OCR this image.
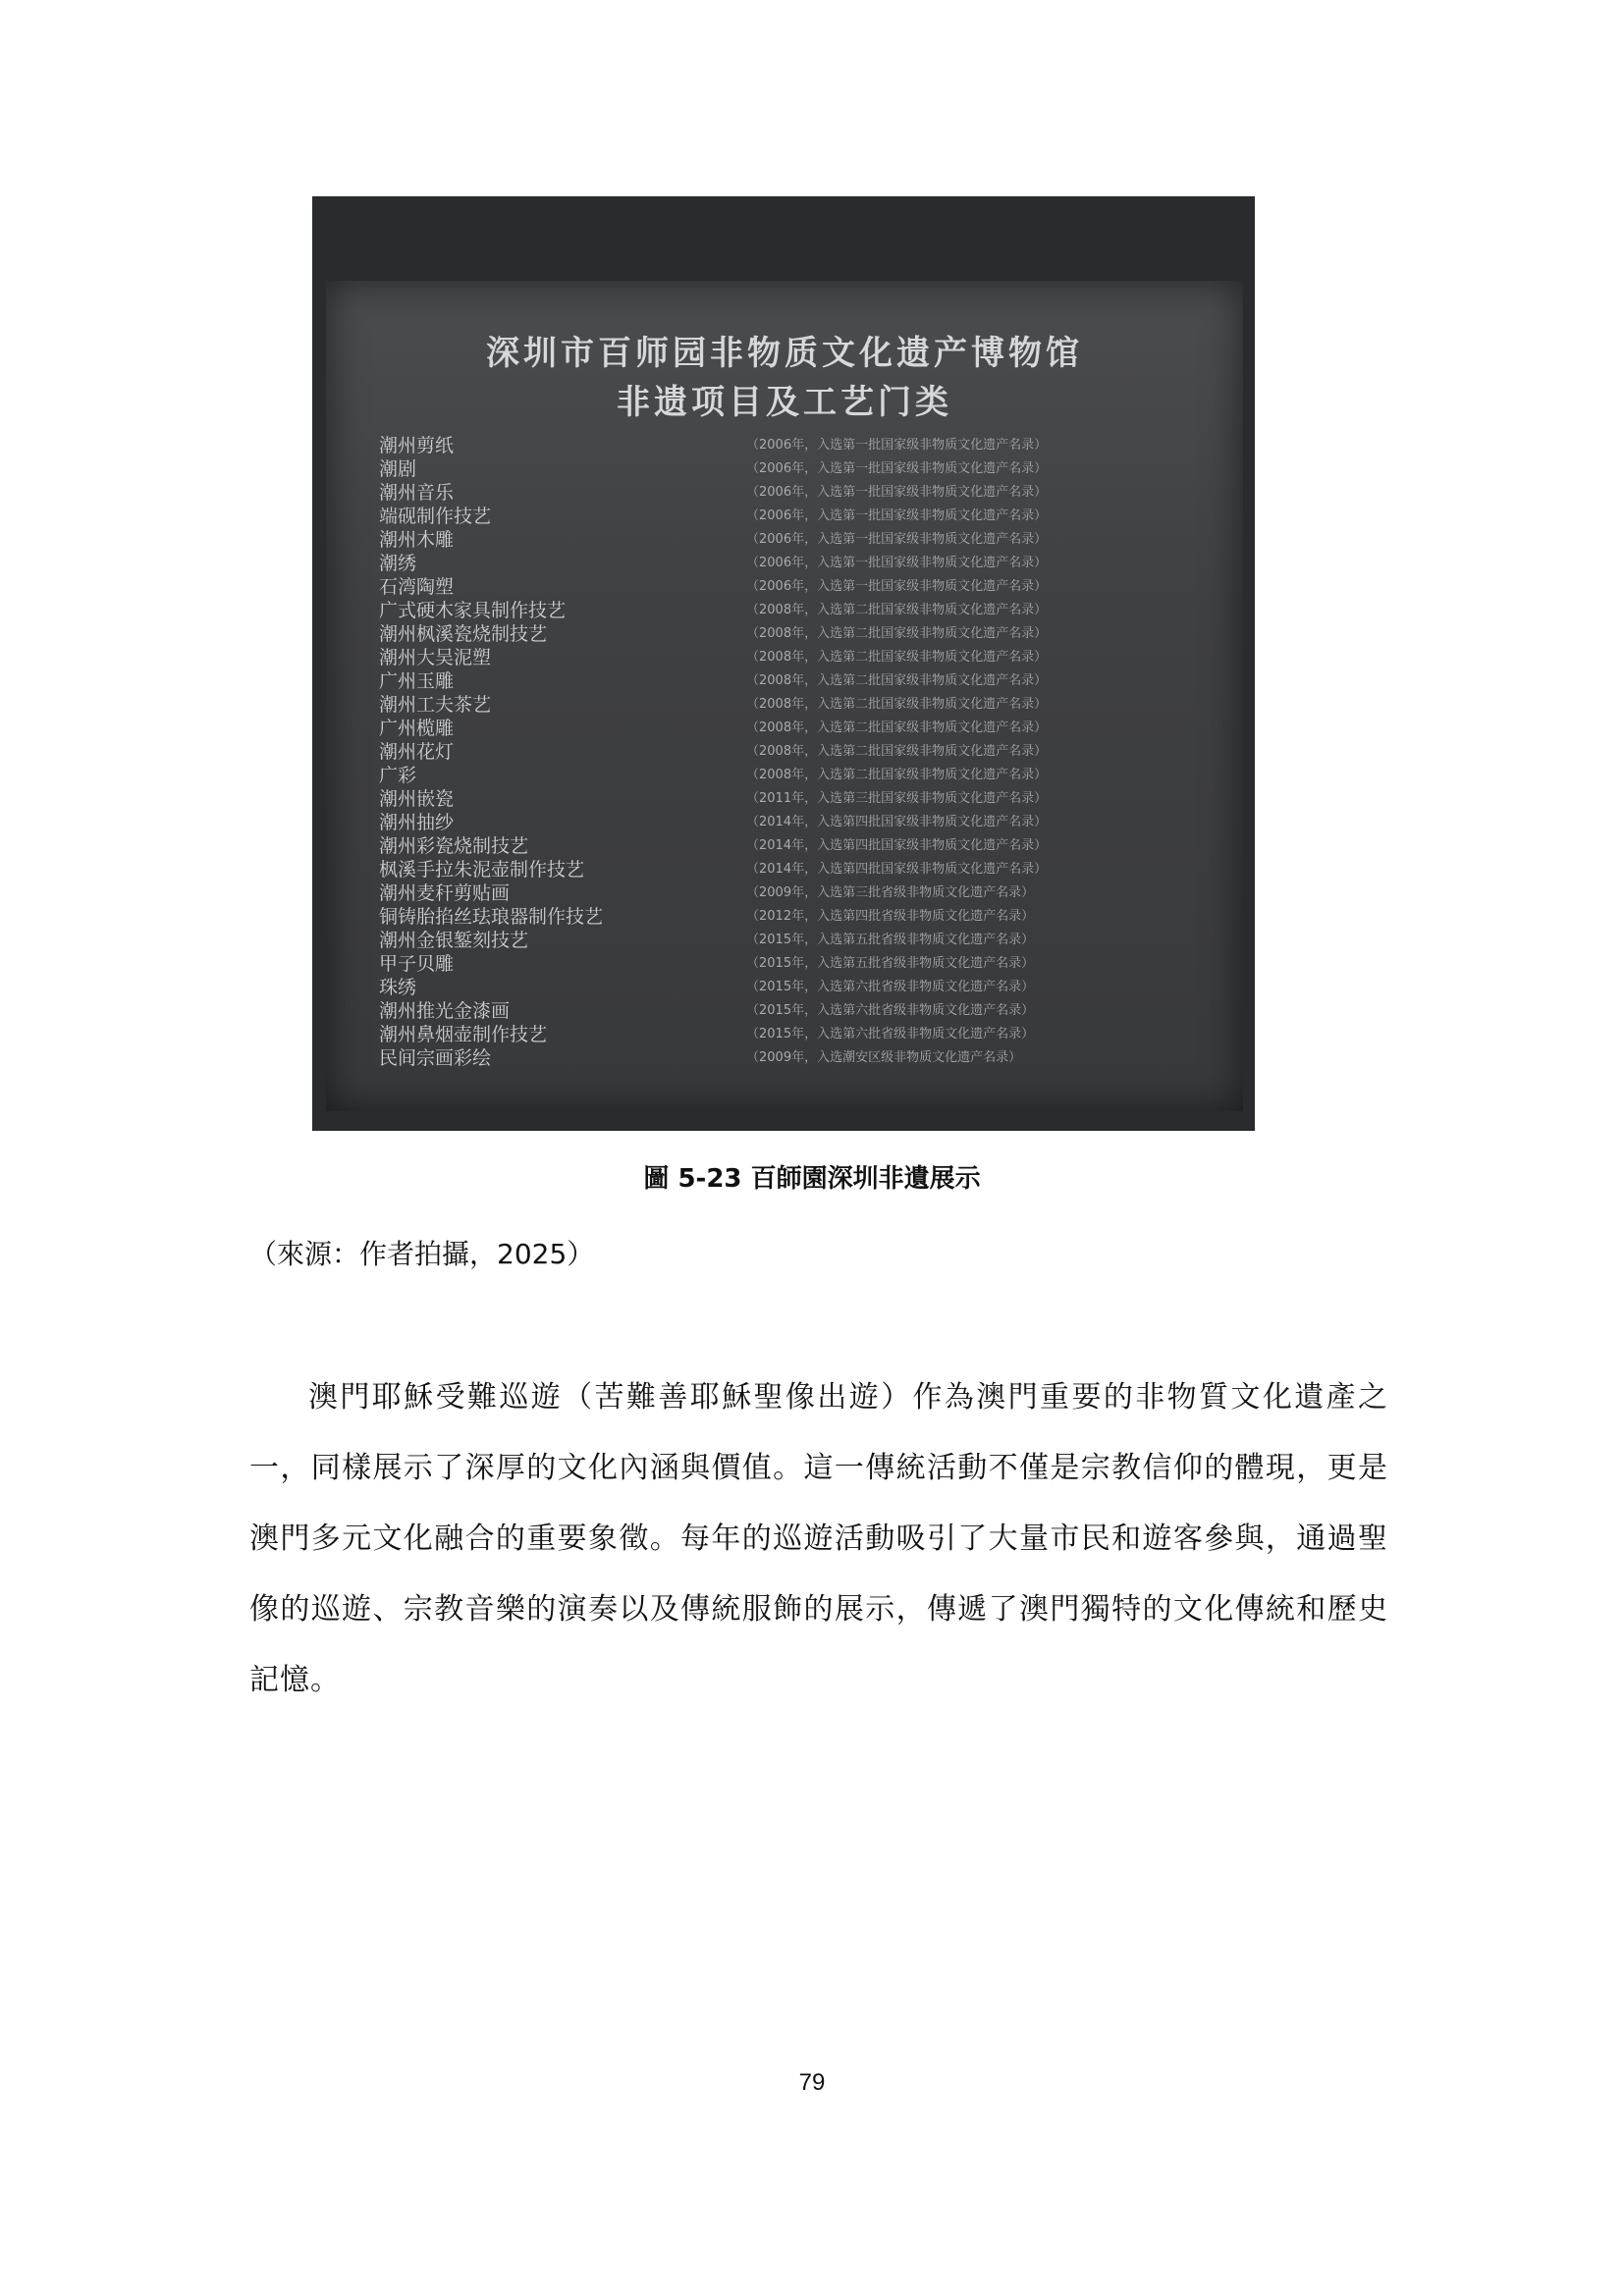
深圳市百师园非物质文化遗产博物馆
非遗项目及工艺门类
潮州剪纸
潮剧
潮州音乐
端砚制作技艺
潮州木雕
潮绣
石湾陶塑
广式硬木家具制作技艺
潮州枫溪瓷烧制技艺
潮州大吴泥塑
广州玉雕
潮州工夫茶艺
广州榄雕
潮州花灯
广彩
潮州嵌瓷
潮州抽纱
潮州彩瓷烧制技艺
枫溪手拉朱泥壶制作技艺
潮州麦秆剪贴画
铜铸胎掐丝珐琅器制作技艺
潮州金银錾刻技艺
甲子贝雕
珠绣
潮州推光金漆画
潮州鼻烟壶制作技艺
民间宗画彩绘
（2006年，入选第一批国家级非物质文化遗产名录）
（2006年，入选第一批国家级非物质文化遗产名录）
（2006年，入选第一批国家级非物质文化遗产名录）
（2006年，入选第一批国家级非物质文化遗产名录）
（2006年，入选第一批国家级非物质文化遗产名录）
（2006年，入选第一批国家级非物质文化遗产名录）
（2006年，入选第一批国家级非物质文化遗产名录）
（2008年，入选第二批国家级非物质文化遗产名录）
（2008年，入选第二批国家级非物质文化遗产名录）
（2008年，入选第二批国家级非物质文化遗产名录）
（2008年，入选第二批国家级非物质文化遗产名录）
（2008年，入选第二批国家级非物质文化遗产名录）
（2008年，入选第二批国家级非物质文化遗产名录）
（2008年，入选第二批国家级非物质文化遗产名录）
（2008年，入选第二批国家级非物质文化遗产名录）
（2011年，入选第三批国家级非物质文化遗产名录）
（2014年，入选第四批国家级非物质文化遗产名录）
（2014年，入选第四批国家级非物质文化遗产名录）
（2014年，入选第四批国家级非物质文化遗产名录）
（2009年，入选第三批省级非物质文化遗产名录）
（2012年，入选第四批省级非物质文化遗产名录）
（2015年，入选第五批省级非物质文化遗产名录）
（2015年，入选第五批省级非物质文化遗产名录）
（2015年，入选第六批省级非物质文化遗产名录）
（2015年，入选第六批省级非物质文化遗产名录）
（2015年，入选第六批省级非物质文化遗产名录）
（2009年，入选潮安区级非物质文化遗产名录）
圖 5-23 百師園深圳非遺展示
（來源：作者拍攝，2025）

澳門耶穌受難巡遊（苦難善耶穌聖像出遊）作為澳門重要的非物質文化遺產之一，同樣展示了深厚的文化內涵與價值。這一傳統活動不僅是宗教信仰的體現，更是澳門多元文化融合的重要象徵。每年的巡遊活動吸引了大量市民和遊客參與，通過聖像的巡遊、宗教音樂的演奏以及傳統服飾的展示，傳遞了澳門獨特的文化傳統和歷史記憶。

79
